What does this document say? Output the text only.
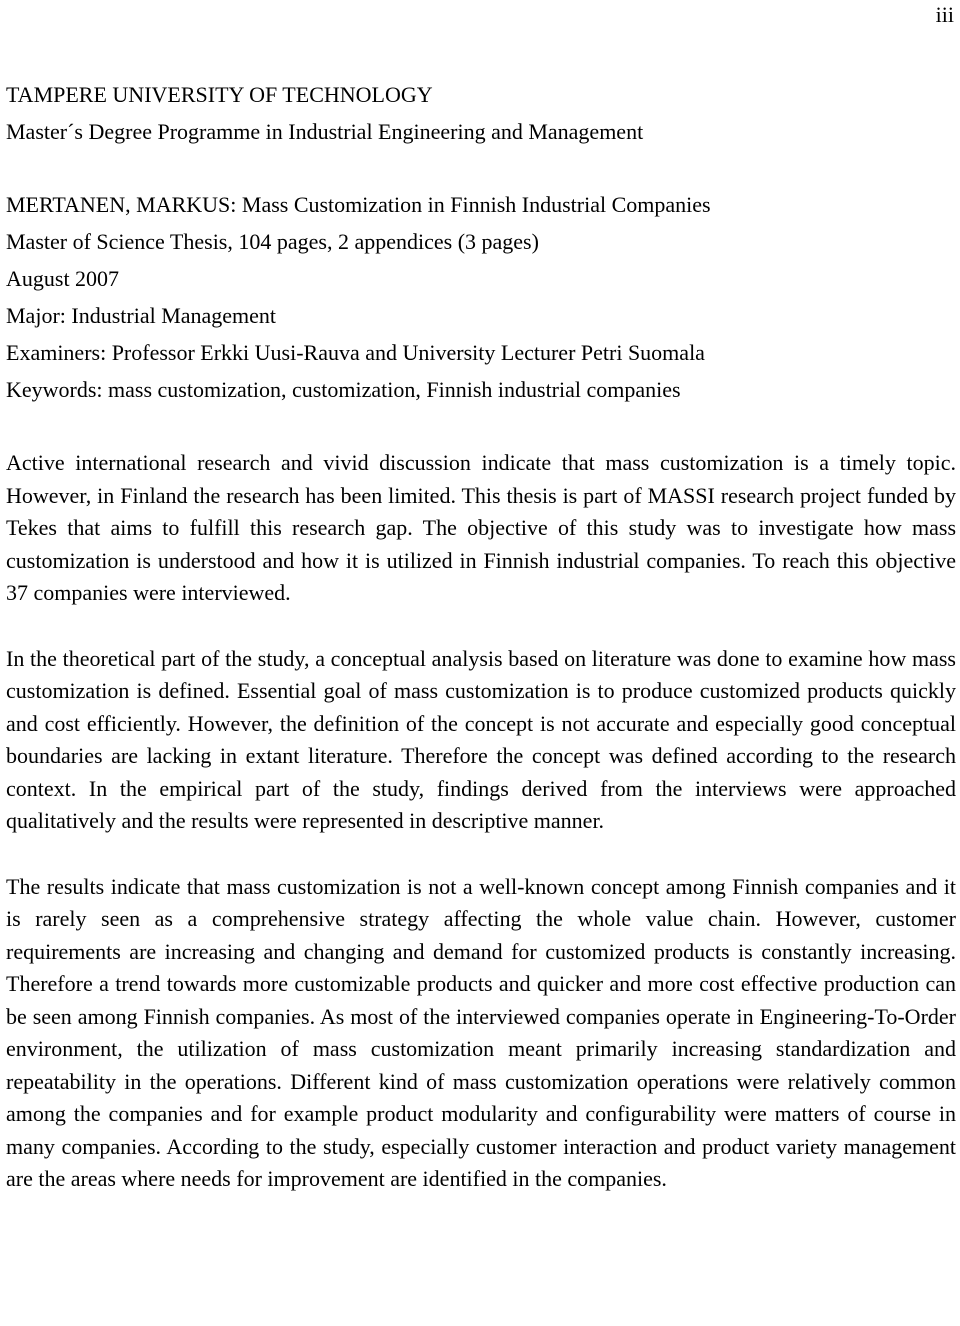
iii
TAMPERE UNIVERSITY OF TECHNOLOGY
Master´s Degree Programme in Industrial Engineering and Management
MERTANEN, MARKUS: Mass Customization in Finnish Industrial Companies
Master of Science Thesis, 104 pages, 2 appendices (3 pages)
August 2007
Major: Industrial Management
Examiners: Professor Erkki Uusi-Rauva and University Lecturer Petri Suomala
Keywords: mass customization, customization, Finnish industrial companies

Active international research and vivid discussion indicate that mass customization is a timely topic. However, in Finland the research has been limited. This thesis is part of MASSI research project funded by Tekes that aims to fulfill this research gap. The objective of this study was to investigate how mass customization is understood and how it is utilized in Finnish industrial companies. To reach this objective 37 companies were interviewed.

In the theoretical part of the study, a conceptual analysis based on literature was done to examine how mass customization is defined. Essential goal of mass customization is to produce customized products quickly and cost efficiently. However, the definition of the concept is not accurate and especially good conceptual boundaries are lacking in extant literature. Therefore the concept was defined according to the research context. In the empirical part of the study, findings derived from the interviews were approached qualitatively and the results were represented in descriptive manner.

The results indicate that mass customization is not a well-known concept among Finnish companies and it is rarely seen as a comprehensive strategy affecting the whole value chain. However, customer requirements are increasing and changing and demand for customized products is constantly increasing. Therefore a trend towards more customizable products and quicker and more cost effective production can be seen among Finnish companies. As most of the interviewed companies operate in Engineering-To-Order environment, the utilization of mass customization meant primarily increasing standardization and repeatability in the operations. Different kind of mass customization operations were relatively common among the companies and for example product modularity and configurability were matters of course in many companies. According to the study, especially customer interaction and product variety management are the areas where needs for improvement are identified in the companies.
